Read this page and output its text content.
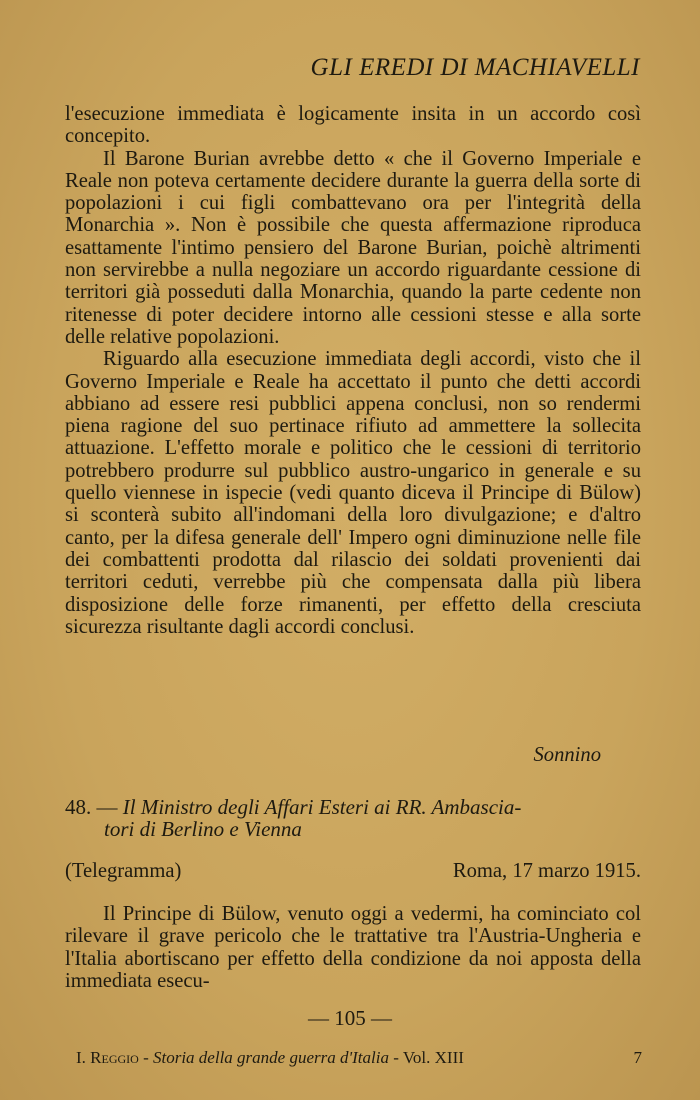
GLI EREDI DI MACHIAVELLI

l'esecuzione immediata è logicamente insita in un accordo così concepito.

Il Barone Burian avrebbe detto « che il Governo Imperiale e Reale non poteva certamente decidere durante la guerra della sorte di popolazioni i cui figli combattevano ora per l'integrità della Monarchia ». Non è possibile che questa affermazione riproduca esattamente l'intimo pensiero del Barone Burian, poichè altrimenti non servirebbe a nulla negoziare un accordo riguardante cessione di territori già posseduti dalla Monarchia, quando la parte cedente non ritenesse di poter decidere intorno alle cessioni stesse e alla sorte delle relative popolazioni.

Riguardo alla esecuzione immediata degli accordi, visto che il Governo Imperiale e Reale ha accettato il punto che detti accordi abbiano ad essere resi pubblici appena conclusi, non so rendermi piena ragione del suo pertinace rifiuto ad ammettere la sollecita attuazione. L'effetto morale e politico che le cessioni di territorio potrebbero produrre sul pubblico austro-ungarico in generale e su quello viennese in ispecie (vedi quanto diceva il Principe di Bülow) si sconterà subito all'indomani della loro divulgazione; e d'altro canto, per la difesa generale dell' Impero ogni diminuzione nelle file dei combattenti prodotta dal rilascio dei soldati provenienti dai territori ceduti, verrebbe più che compensata dalla più libera disposizione delle forze rimanenti, per effetto della cresciuta sicurezza risultante dagli accordi conclusi.

Sonnino
48. — Il Ministro degli Affari Esteri ai RR. Ambascia-
tori di Berlino e Vienna
(Telegramma)	Roma, 17 marzo 1915.

Il Principe di Bülow, venuto oggi a vedermi, ha cominciato col rilevare il grave pericolo che le trattative tra l'Austria-Ungheria e l'Italia abortiscano per effetto della condizione da noi apposta della immediata esecu-

— 105 —
I. Reggio - Storia della grande guerra d'Italia - Vol. XIII	7
